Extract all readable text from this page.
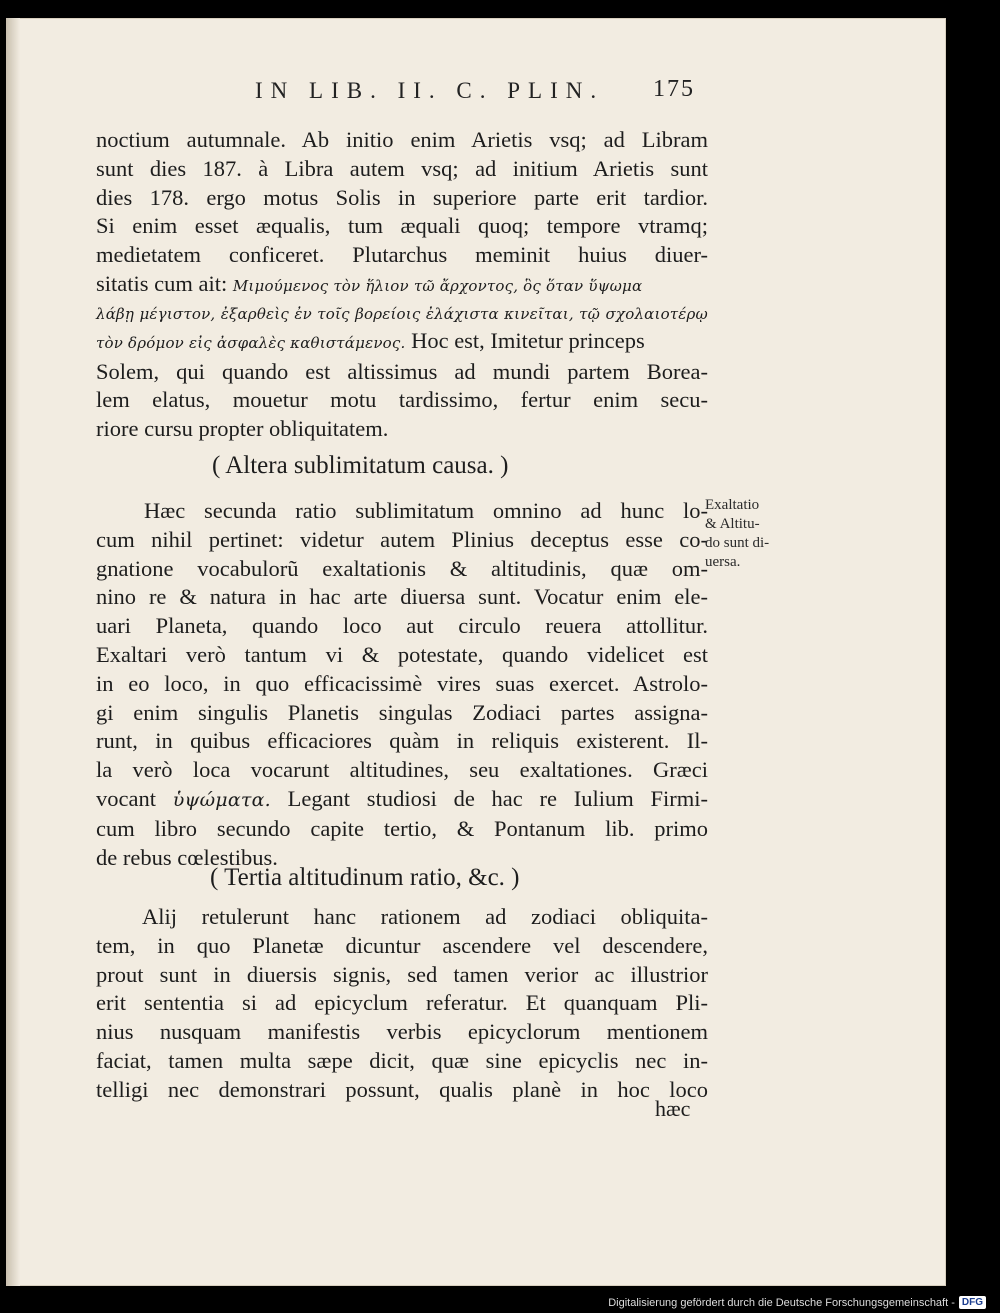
IN LIB. II. C. PLIN. 175
noctium autumnale. Ab initio enim Arietis vsq; ad Libram
sunt dies 187. à Libra autem vsq; ad initium Arietis sunt
dies 178. ergo motus Solis in superiore parte erit tardior.
Si enim esset æqualis, tum æquali quoq; tempore vtramq;
medietatem conficeret. Plutarchus meminit huius diuer-
sitatis cum ait: Μιμούμενος τὸν ἥλιον τῶ ἄρχοντος, ὃς ὅταν ὕψωμα
λάβῃ μέγιστον, ἐξαρθεὶς ἐν τοῖς βορείοις ἐλάχιστα κινεῖται, τῷ σχολαιοτέρῳ
τὸν δρόμον εἰς ἀσφαλὲς καθιστάμενος. Hoc est, Imitetur princeps
Solem, qui quando est altissimus ad mundi partem Borea-
lem elatus, mouetur motu tardissimo, fertur enim secu-
riore cursu propter obliquitatem.
( Altera sublimitatum causa. )
Hæc secunda ratio sublimitatum omnino ad hunc lo-
cum nihil pertinet: videtur autem Plinius deceptus esse co-
gnatione vocabulorũ exaltationis & altitudinis, quæ om-
nino re & natura in hac arte diuersa sunt. Vocatur enim ele-
uari Planeta, quando loco aut circulo reuera attollitur.
Exaltari verò tantum vi & potestate, quando videlicet est
in eo loco, in quo efficacissimè vires suas exercet. Astrolo-
gi enim singulis Planetis singulas Zodiaci partes assigna-
runt, in quibus efficaciores quàm in reliquis existerent. Il-
la verò loca vocarunt altitudines, seu exaltationes. Græci
vocant ὑψώματα. Legant studiosi de hac re Iulium Firmi-
cum libro secundo capite tertio, & Pontanum lib. primo
de rebus cœlestibus.
Exaltatio
& Altitu-
do sunt di-
uersa.
( Tertia altitudinum ratio, &c. )
Alij retulerunt hanc rationem ad zodiaci obliquita-
tem, in quo Planetæ dicuntur ascendere vel descendere,
prout sunt in diuersis signis, sed tamen verior ac illustrior
erit sententia si ad epicyclum referatur. Et quanquam Pli-
nius nusquam manifestis verbis epicyclorum mentionem
faciat, tamen multa sæpe dicit, quæ sine epicyclis nec in-
telligi nec demonstrari possunt, qualis planè in hoc loco
hæc
Digitalisierung gefördert durch die Deutsche Forschungsgemeinschaft - DFG
